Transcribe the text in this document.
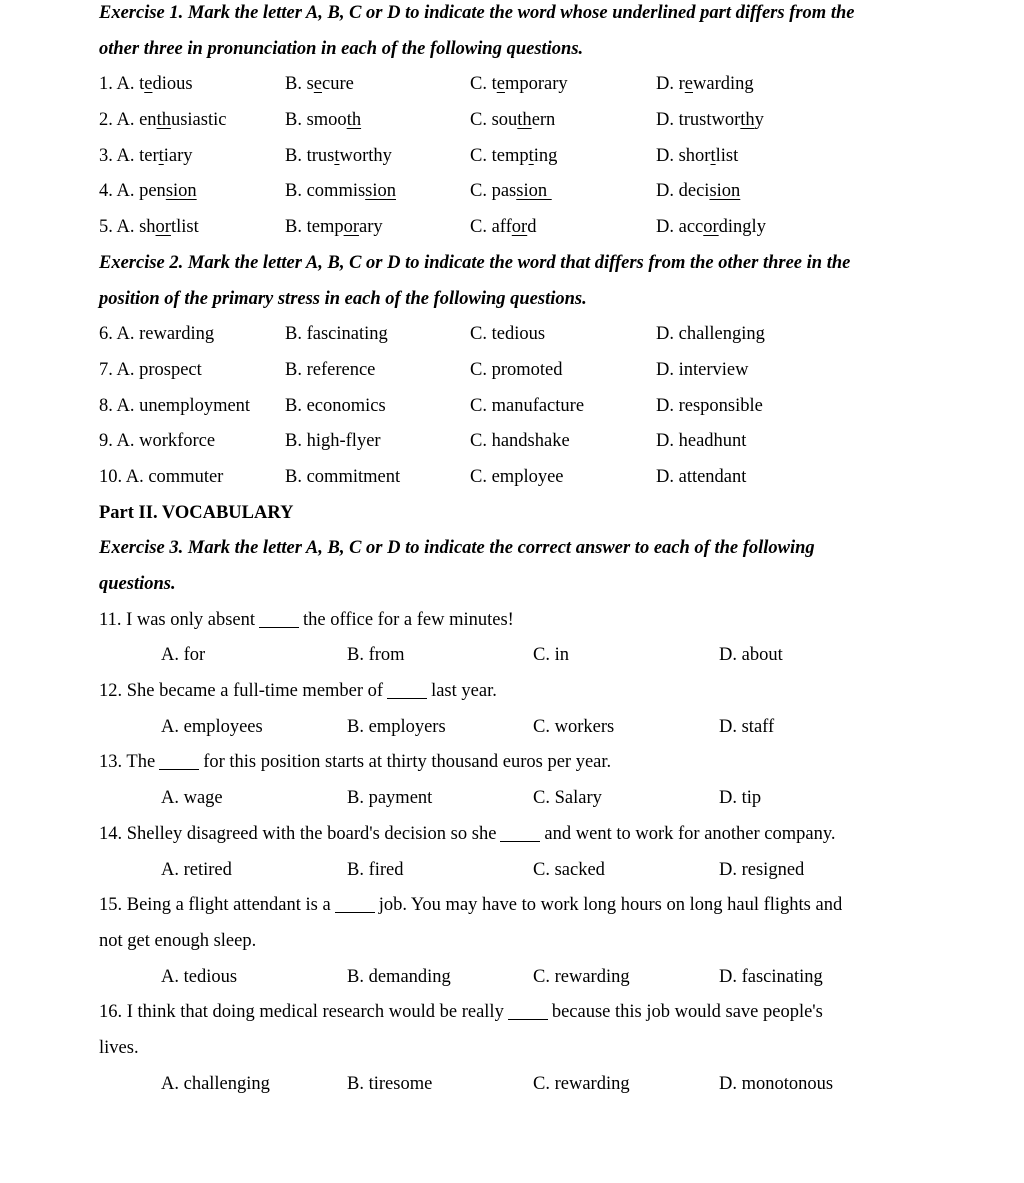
Exercise 1. Mark the letter A, B, C or D to indicate the word whose underlined part differs from the
other three in pronunciation in each of the following questions.
1. A. tedious	B. secure	C. temporary	D. rewarding
2. A. enthusiastic	B. smooth	C. southern	D. trustworthy
3. A. tertiary	B. trustworthy	C. tempting	D. shortlist
4. A. pension	B. commission	C. passion	D. decision
5. A. shortlist	B. temporary	C. afford	D. accordingly
Exercise 2. Mark the letter A, B, C or D to indicate the word that differs from the other three in the
position of the primary stress in each of the following questions.
6. A. rewarding	B. fascinating	C. tedious	D. challenging
7. A. prospect	B. reference	C. promoted	D. interview
8. A. unemployment B. economics	C. manufacture	D. responsible
9. A. workforce	B. high-flyer	C. handshake	D. headhunt
10. A. commuter	B. commitment	C. employee	D. attendant
Part II. VOCABULARY
Exercise 3. Mark the letter A, B, C or D to indicate the correct answer to each of the following
questions.
11. I was only absent	the office for a few minutes!
A. for	B. from	C. in	D. about
12. She became a full-time member of	last year.
A. employees	B. employers	C. workers	D. staff
13. The	for this position starts at thirty thousand euros per year.
A. wage	B. payment	C. Salary	D. tip
14. Shelley disagreed with the board's decision so she	and went to work for another company.
A. retired	B. fired	C. sacked	D. resigned
15. Being a flight attendant is a	job. You may have to work long hours on long haul flights and
not get enough sleep.
A. tedious	B. demanding	C. rewarding	D. fascinating
16. I think that doing medical research would be really	because this job would save people's
lives.
A. challenging	B. tiresome	C. rewarding	D. monotonous
